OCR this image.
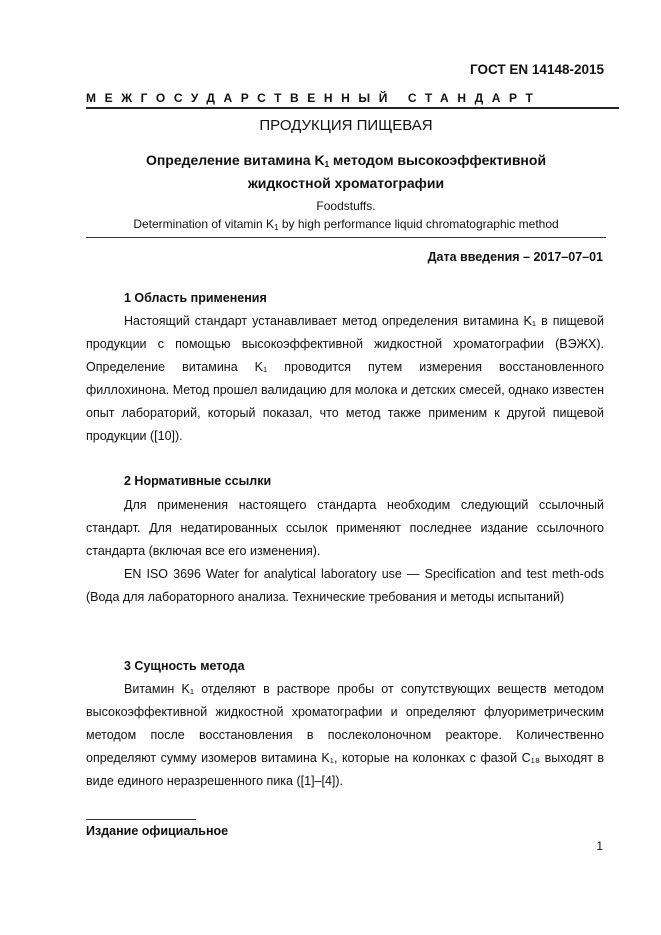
ГОСТ EN 14148-2015
МЕЖГОСУДАРСТВЕННЫЙ СТАНДАРТ
ПРОДУКЦИЯ ПИЩЕВАЯ
Определение витамина $K_1$ методом высокоэффективной
жидкостной хроматографии
Foodstuffs.
Determination of vitamin $K_1$ by high performance liquid chromatographic method
Дата введения – 2017–07–01
1 Область применения

Настоящий стандарт устанавливает метод определения витамина K₁ в пищевой продукции с помощью высокоэффективной жидкостной хроматографии (ВЭЖХ). Определение витамина K₁ проводится путем измерения восстановленного филлохинона. Метод прошел валидацию для молока и детских смесей, однако известен опыт лабораторий, который показал, что метод также применим к другой пищевой продукции ([10]).

2 Нормативные ссылки

Для применения настоящего стандарта необходим следующий ссылочный стандарт. Для недатированных ссылок применяют последнее издание ссылочного стандарта (включая все его изменения).

EN ISO 3696 Water for analytical laboratory use — Specification and test meth-ods (Вода для лабораторного анализа. Технические требования и методы испытаний)

3 Сущность метода

Витамин K₁ отделяют в растворе пробы от сопутствующих веществ методом высокоэффективной жидкостной хроматографии и определяют флуориметрическим методом после восстановления в послеколоночном реакторе. Количественно определяют сумму изомеров витамина K₁, которые на колонках с фазой C₁₈ выходят в виде единого неразрешенного пика ([1]–[4]).

Издание официальное
1
